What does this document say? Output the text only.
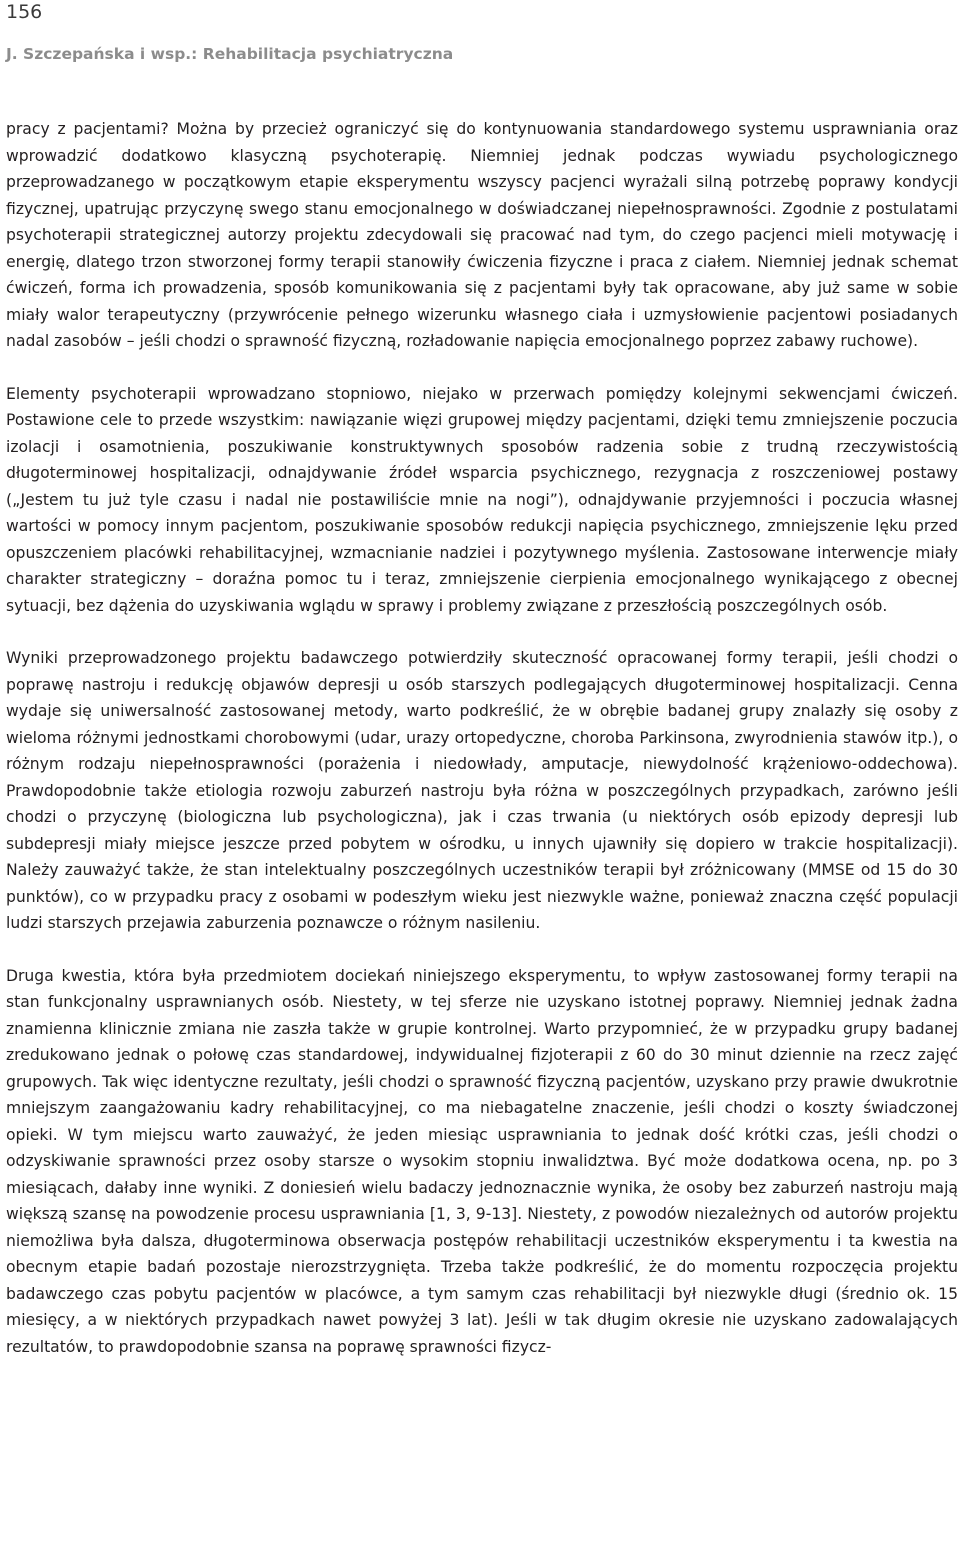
156
J. Szczepańska i wsp.: Rehabilitacja psychiatryczna

pracy z pacjentami? Można by przecież ograniczyć się do kontynuowania standardowego systemu usprawniania oraz wprowadzić dodatkowo klasyczną psychoterapię. Niemniej jednak podczas wywiadu psychologicznego przeprowadzanego w początkowym etapie eksperymentu wszyscy pacjenci wyrażali silną potrzebę poprawy kondycji fizycznej, upatrując przyczynę swego stanu emocjonalnego w doświadczanej niepełnosprawności. Zgodnie z postulatami psychoterapii strategicznej autorzy projektu zdecydowali się pracować nad tym, do czego pacjenci mieli motywację i energię, dlatego trzon stworzonej formy terapii stanowiły ćwiczenia fizyczne i praca z ciałem. Niemniej jednak schemat ćwiczeń, forma ich prowadzenia, sposób komunikowania się z pacjentami były tak opracowane, aby już same w sobie miały walor terapeutyczny (przywrócenie pełnego wizerunku własnego ciała i uzmysłowienie pacjentowi posiadanych nadal zasobów – jeśli chodzi o sprawność fizyczną, rozładowanie napięcia emocjonalnego poprzez zabawy ruchowe).

Elementy psychoterapii wprowadzano stopniowo, niejako w przerwach pomiędzy kolejnymi sekwencjami ćwiczeń. Postawione cele to przede wszystkim: nawiązanie więzi grupowej między pacjentami, dzięki temu zmniejszenie poczucia izolacji i osamotnienia, poszukiwanie konstruktywnych sposobów radzenia sobie z trudną rzeczywistością długoterminowej hospitalizacji, odnajdywanie źródeł wsparcia psychicznego, rezygnacja z roszczeniowej postawy („Jestem tu już tyle czasu i nadal nie postawiliście mnie na nogi”), odnajdywanie przyjemności i poczucia własnej wartości w pomocy innym pacjentom, poszukiwanie sposobów redukcji napięcia psychicznego, zmniejszenie lęku przed opuszczeniem placówki rehabilitacyjnej, wzmacnianie nadziei i pozytywnego myślenia. Zastosowane interwencje miały charakter strategiczny – doraźna pomoc tu i teraz, zmniejszenie cierpienia emocjonalnego wynikającego z obecnej sytuacji, bez dążenia do uzyskiwania wglądu w sprawy i problemy związane z przeszłością poszczególnych osób.

Wyniki przeprowadzonego projektu badawczego potwierdziły skuteczność opracowanej formy terapii, jeśli chodzi o poprawę nastroju i redukcję objawów depresji u osób starszych podlegających długoterminowej hospitalizacji. Cenna wydaje się uniwersalność zastosowanej metody, warto podkreślić, że w obrębie badanej grupy znalazły się osoby z wieloma różnymi jednostkami chorobowymi (udar, urazy ortopedyczne, choroba Parkinsona, zwyrodnienia stawów itp.), o różnym rodzaju niepełnosprawności (porażenia i niedowłady, amputacje, niewydolność krążeniowo-oddechowa). Prawdopodobnie także etiologia rozwoju zaburzeń nastroju była różna w poszczególnych przypadkach, zarówno jeśli chodzi o przyczynę (biologiczna lub psychologiczna), jak i czas trwania (u niektórych osób epizody depresji lub subdepresji miały miejsce jeszcze przed pobytem w ośrodku, u innych ujawniły się dopiero w trakcie hospitalizacji). Należy zauważyć także, że stan intelektualny poszczególnych uczestników terapii był zróżnicowany (MMSE od 15 do 30 punktów), co w przypadku pracy z osobami w podeszłym wieku jest niezwykle ważne, ponieważ znaczna część populacji ludzi starszych przejawia zaburzenia poznawcze o różnym nasileniu.

Druga kwestia, która była przedmiotem dociekań niniejszego eksperymentu, to wpływ zastosowanej formy terapii na stan funkcjonalny usprawnianych osób. Niestety, w tej sferze nie uzyskano istotnej poprawy. Niemniej jednak żadna znamienna klinicznie zmiana nie zaszła także w grupie kontrolnej. Warto przypomnieć, że w przypadku grupy badanej zredukowano jednak o połowę czas standardowej, indywidualnej fizjoterapii z 60 do 30 minut dziennie na rzecz zajęć grupowych. Tak więc identyczne rezultaty, jeśli chodzi o sprawność fizyczną pacjentów, uzyskano przy prawie dwukrotnie mniejszym zaangażowaniu kadry rehabilitacyjnej, co ma niebagatelne znaczenie, jeśli chodzi o koszty świadczonej opieki. W tym miejscu warto zauważyć, że jeden miesiąc usprawniania to jednak dość krótki czas, jeśli chodzi o odzyskiwanie sprawności przez osoby starsze o wysokim stopniu inwalidztwa. Być może dodatkowa ocena, np. po 3 miesiącach, dałaby inne wyniki. Z doniesień wielu badaczy jednoznacznie wynika, że osoby bez zaburzeń nastroju mają większą szansę na powodzenie procesu usprawniania [1, 3, 9-13]. Niestety, z powodów niezależnych od autorów projektu niemożliwa była dalsza, długoterminowa obserwacja postępów rehabilitacji uczestników eksperymentu i ta kwestia na obecnym etapie badań pozostaje nierozstrzygnięta. Trzeba także podkreślić, że do momentu rozpoczęcia projektu badawczego czas pobytu pacjentów w placówce, a tym samym czas rehabilitacji był niezwykle długi (średnio ok. 15 miesięcy, a w niektórych przypadkach nawet powyżej 3 lat). Jeśli w tak długim okresie nie uzyskano zadowalających rezultatów, to prawdopodobnie szansa na poprawę sprawności fizycz-
